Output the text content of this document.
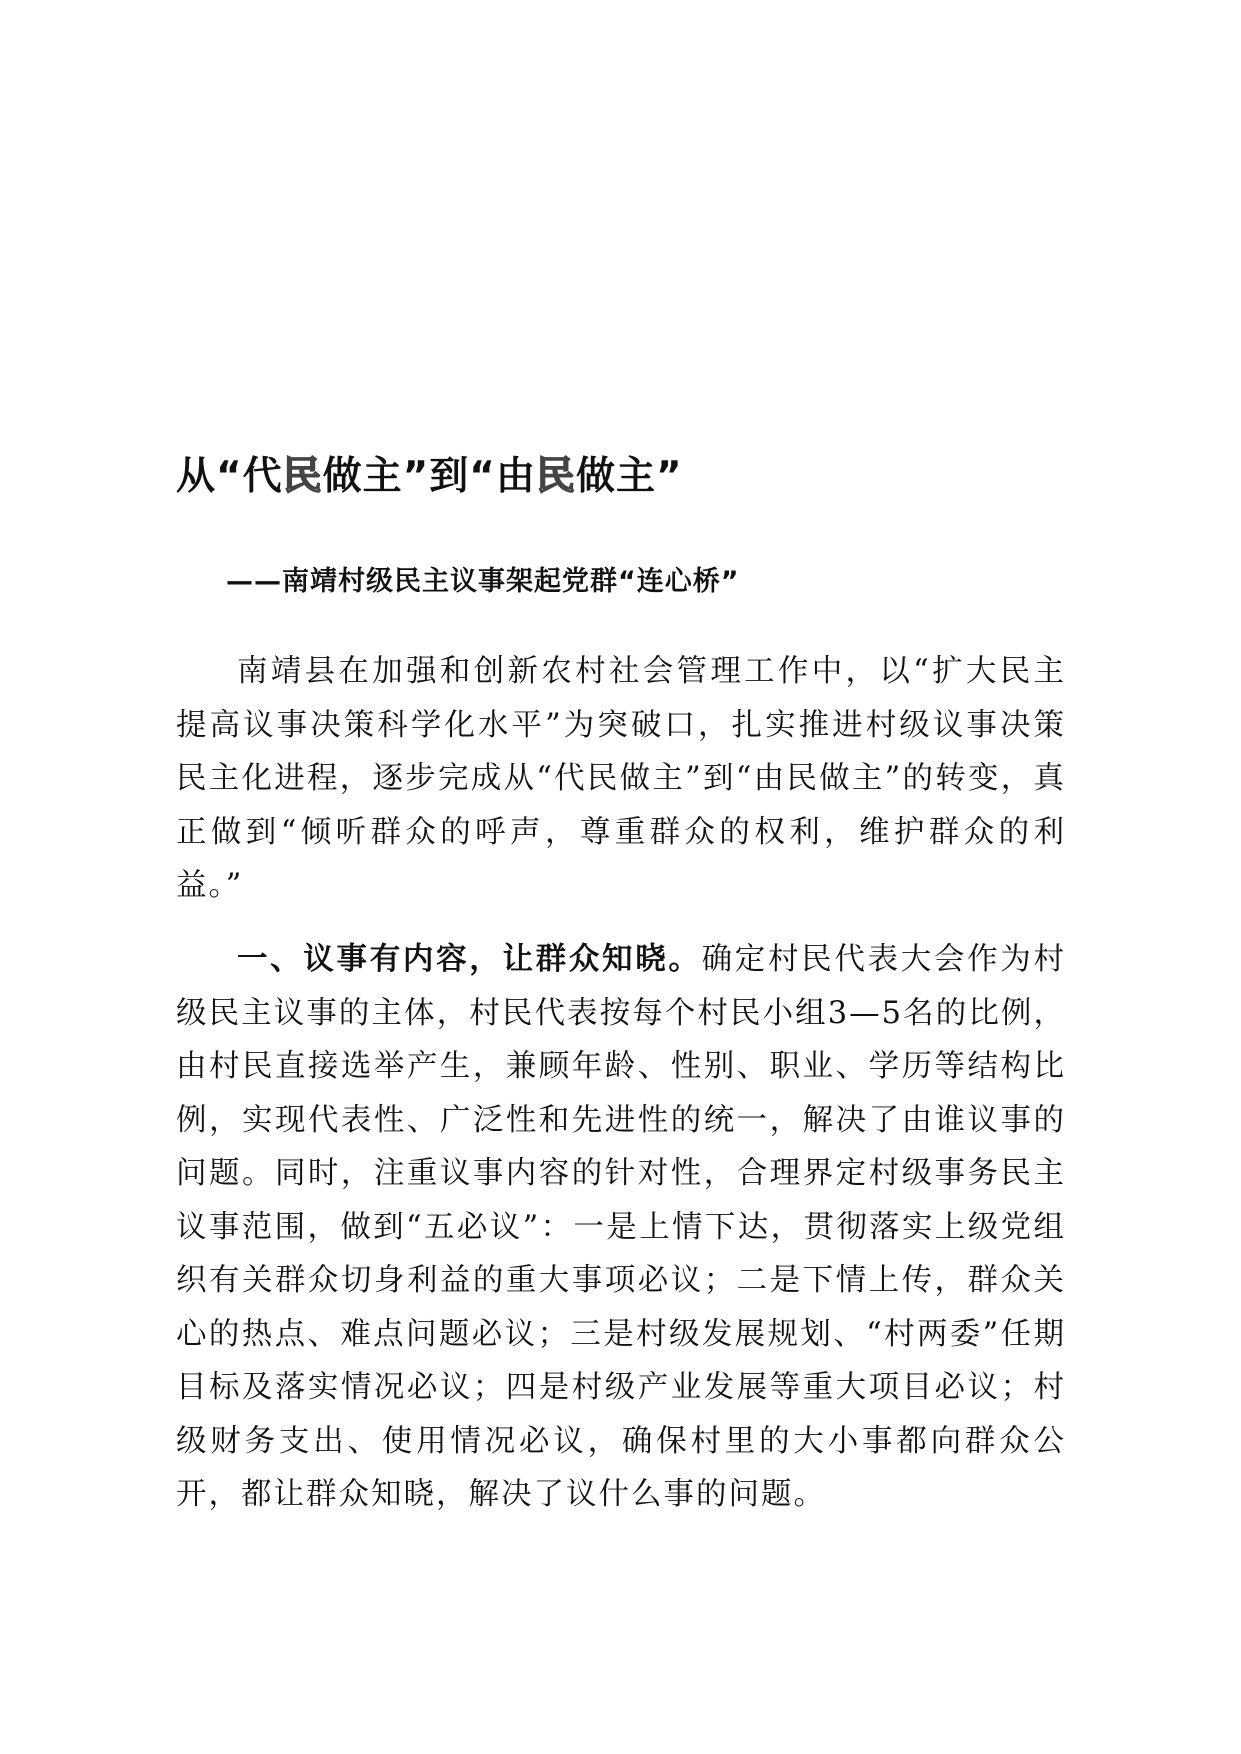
从“代民做主”到“由民做主”
——南靖村级民主议事架起党群“连心桥”

南靖县在加强和创新农村社会管理工作中，以“扩大民主提高议事决策科学化水平”为突破口，扎实推进村级议事决策民主化进程，逐步完成从“代民做主”到“由民做主”的转变，真正做到“倾听群众的呼声，尊重群众的权利，维护群众的利益。”

一、议事有内容，让群众知晓。确定村民代表大会作为村级民主议事的主体，村民代表按每个村民小组3—5名的比例，由村民直接选举产生，兼顾年龄、性别、职业、学历等结构比例，实现代表性、广泛性和先进性的统一，解决了由谁议事的问题。同时，注重议事内容的针对性，合理界定村级事务民主议事范围，做到“五必议”：一是上情下达，贯彻落实上级党组织有关群众切身利益的重大事项必议；二是下情上传，群众关心的热点、难点问题必议；三是村级发展规划、“村两委”任期目标及落实情况必议；四是村级产业发展等重大项目必议；村级财务支出、使用情况必议，确保村里的大小事都向群众公开，都让群众知晓，解决了议什么事的问题。
